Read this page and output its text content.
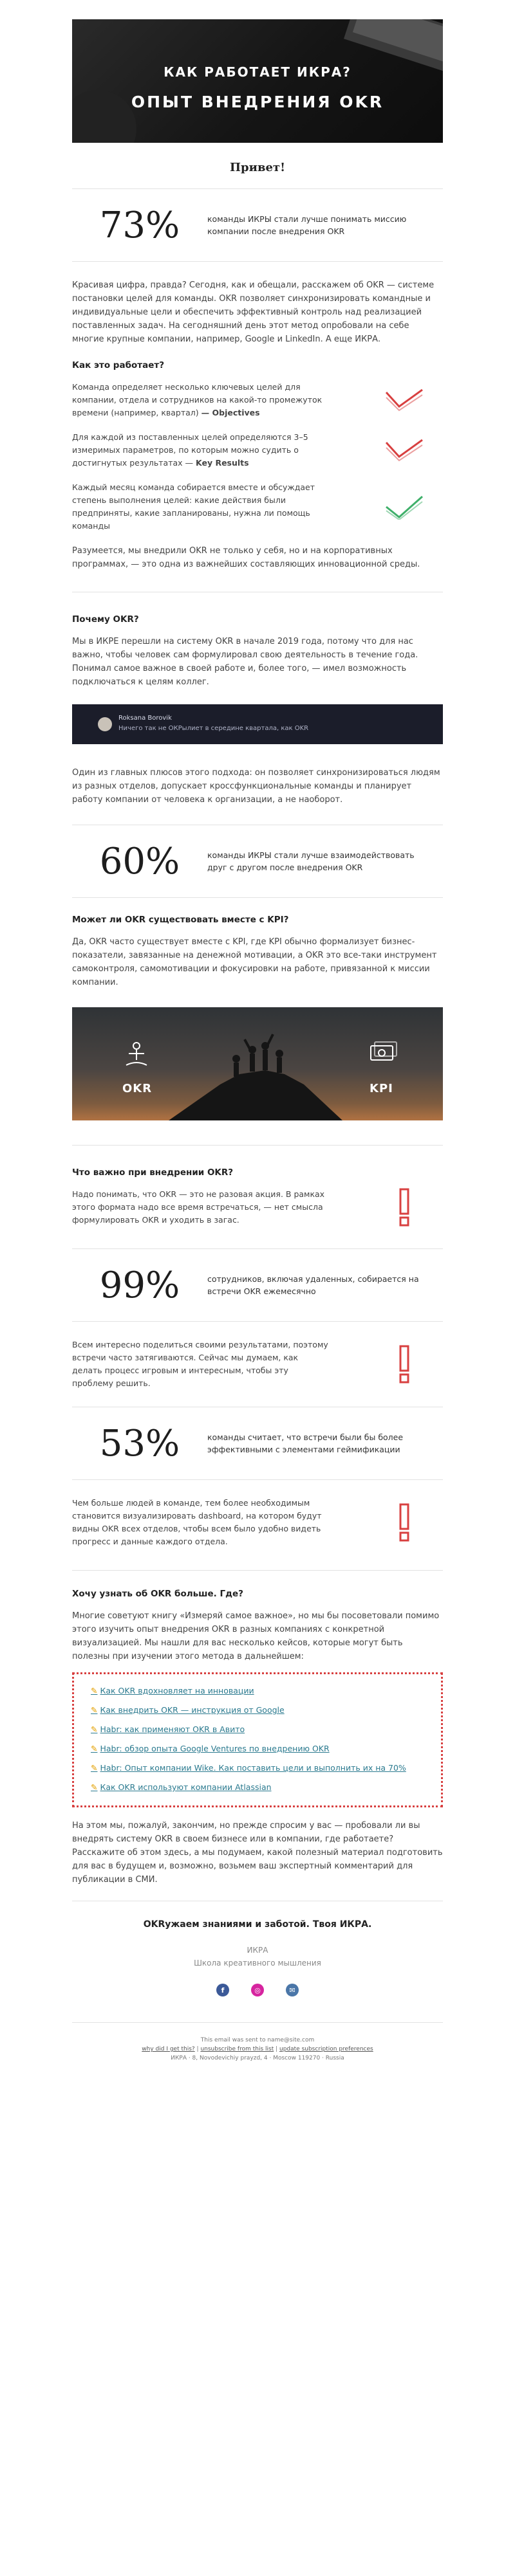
КАК РАБОТАЕТ ИКРА?
ОПЫТ ВНЕДРЕНИЯ OKR
Привет!
73%	команды ИКРЫ стали лучше понимать миссию компании после внедрения OKR

Красивая цифра, правда? Сегодня, как и обещали, расскажем об OKR — системе постановки целей для команды. OKR позволяет синхронизировать командные и индивидуальные цели и обеспечить эффективный контроль над реализацией поставленных задач. На сегодняшний день этот метод опробовали на себе многие крупные компании, например, Google и LinkedIn. А еще ИКРА.

Как это работает?
Команда определяет несколько ключевых целей для компании, отдела и сотрудников на какой-то промежуток времени (например, квартал) — Objectives
Для каждой из поставленных целей определяются 3–5 измеримых параметров, по которым можно судить о достигнутых результатах — Key Results
Каждый месяц команда собирается вместе и обсуждает степень выполнения целей: какие действия были предприняты, какие запланированы, нужна ли помощь команды

Разумеется, мы внедрили OKR не только у себя, но и на корпоративных программах, — это одна из важнейших составляющих инновационной среды.

Почему OKR?

Мы в ИКРЕ перешли на систему OKR в начале 2019 года, потому что для нас важно, чтобы человек сам формулировал свою деятельность в течение года. Понимал самое важное в своей работе и, более того, — имел возможность подключаться к целям коллег.

Roksana Borovik
Ничего так не ОКРылиет в середине квартала, как OKR

Один из главных плюсов этого подхода: он позволяет синхронизироваться людям из разных отделов, допускает кроссфункциональные команды и планирует работу компании от человека к организации, а не наоборот.

60%	команды ИКРЫ стали лучше взаимодействовать друг с другом после внедрения OKR
Может ли OKR существовать вместе с KPI?

Да, OKR часто существует вместе с KPI, где KPI обычно формализует бизнес-показатели, завязанные на денежной мотивации, а OKR это все-таки инструмент самоконтроля, самомотивации и фокусировки на работе, привязанной к миссии компании.

OKR	KPI
Что важно при внедрении OKR?
Надо понимать, что OKR — это не разовая акция. В рамках этого формата надо все время встречаться, — нет смысла формулировать OKR и уходить в загас.
99%	сотрудников, включая удаленных, собирается на встречи OKR ежемесячно
Всем интересно поделиться своими результатами, поэтому встречи часто затягиваются. Сейчас мы думаем, как делать процесс игровым и интересным, чтобы эту проблему решить.
53%	команды считает, что встречи были бы более эффективными с элементами геймификации
Чем больше людей в команде, тем более необходимым становится визуализировать dashboard, на котором будут видны OKR всех отделов, чтобы всем было удобно видеть прогресс и данные каждого отдела.
Хочу узнать об OKR больше. Где?

Многие советуют книгу «Измеряй самое важное», но мы бы посоветовали помимо этого изучить опыт внедрения OKR в разных компаниях с конкретной визуализацией. Мы нашли для вас несколько кейсов, которые могут быть полезны при изучении этого метода в дальнейшем:

✎ Как OKR вдохновляет на инновации
✎ Как внедрить OKR — инструкция от Google
✎ Habr: как применяют OKR в Авито
✎ Habr: обзор опыта Google Ventures по внедрению OKR
✎ Habr: Опыт компании Wike. Как поставить цели и выполнить их на 70%
✎ Как OKR используют компании Atlassian

На этом мы, пожалуй, закончим, но прежде спросим у вас — пробовали ли вы внедрять систему OKR в своем бизнесе или в компании, где работаете? Расскажите об этом здесь, а мы подумаем, какой полезный материал подготовить для вас в будущем и, возможно, возьмем ваш экспертный комментарий для публикации в СМИ.

OKRужаем знаниями и заботой. Твоя ИКРА.
ИКРА
Школа креативного мышления
f	◎	✉
This email was sent to name@site.com
why did I get this? | unsubscribe from this list | update subscription preferences
ИКРА · 8, Novodevichiy prayzd, 4 · Moscow 119270 · Russia
